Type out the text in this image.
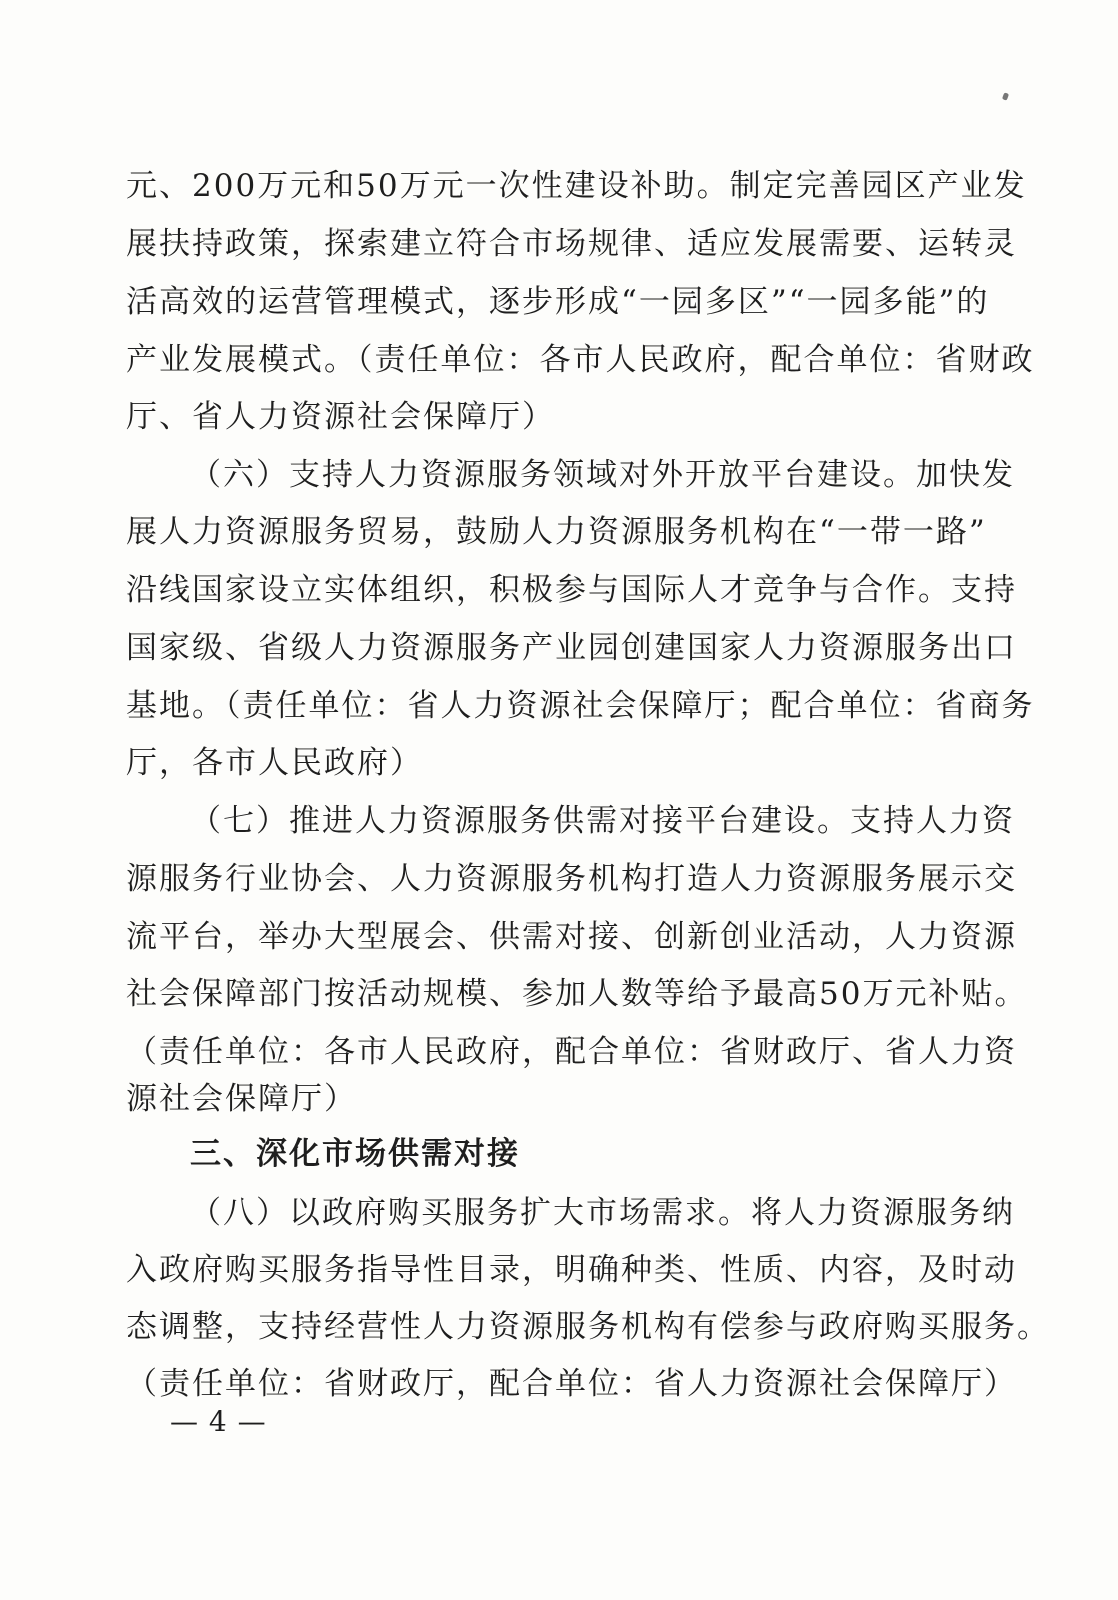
元、200万元和50万元一次性建设补助。制定完善园区产业发
展扶持政策，探索建立符合市场规律、适应发展需要、运转灵
活高效的运营管理模式，逐步形成“一园多区”“一园多能”的
产业发展模式。（责任单位：各市人民政府，配合单位：省财政
厅、省人力资源社会保障厅）
（六）支持人力资源服务领域对外开放平台建设。加快发
展人力资源服务贸易，鼓励人力资源服务机构在“一带一路”
沿线国家设立实体组织，积极参与国际人才竞争与合作。支持
国家级、省级人力资源服务产业园创建国家人力资源服务出口
基地。（责任单位：省人力资源社会保障厅；配合单位：省商务
厅，各市人民政府）
（七）推进人力资源服务供需对接平台建设。支持人力资
源服务行业协会、人力资源服务机构打造人力资源服务展示交
流平台，举办大型展会、供需对接、创新创业活动，人力资源
社会保障部门按活动规模、参加人数等给予最高50万元补贴。
（责任单位：各市人民政府，配合单位：省财政厅、省人力资
源社会保障厅）
三、深化市场供需对接
（八）以政府购买服务扩大市场需求。将人力资源服务纳
入政府购买服务指导性目录，明确种类、性质、内容，及时动
态调整，支持经营性人力资源服务机构有偿参与政府购买服务。
（责任单位：省财政厅，配合单位：省人力资源社会保障厅）
— 4 —
